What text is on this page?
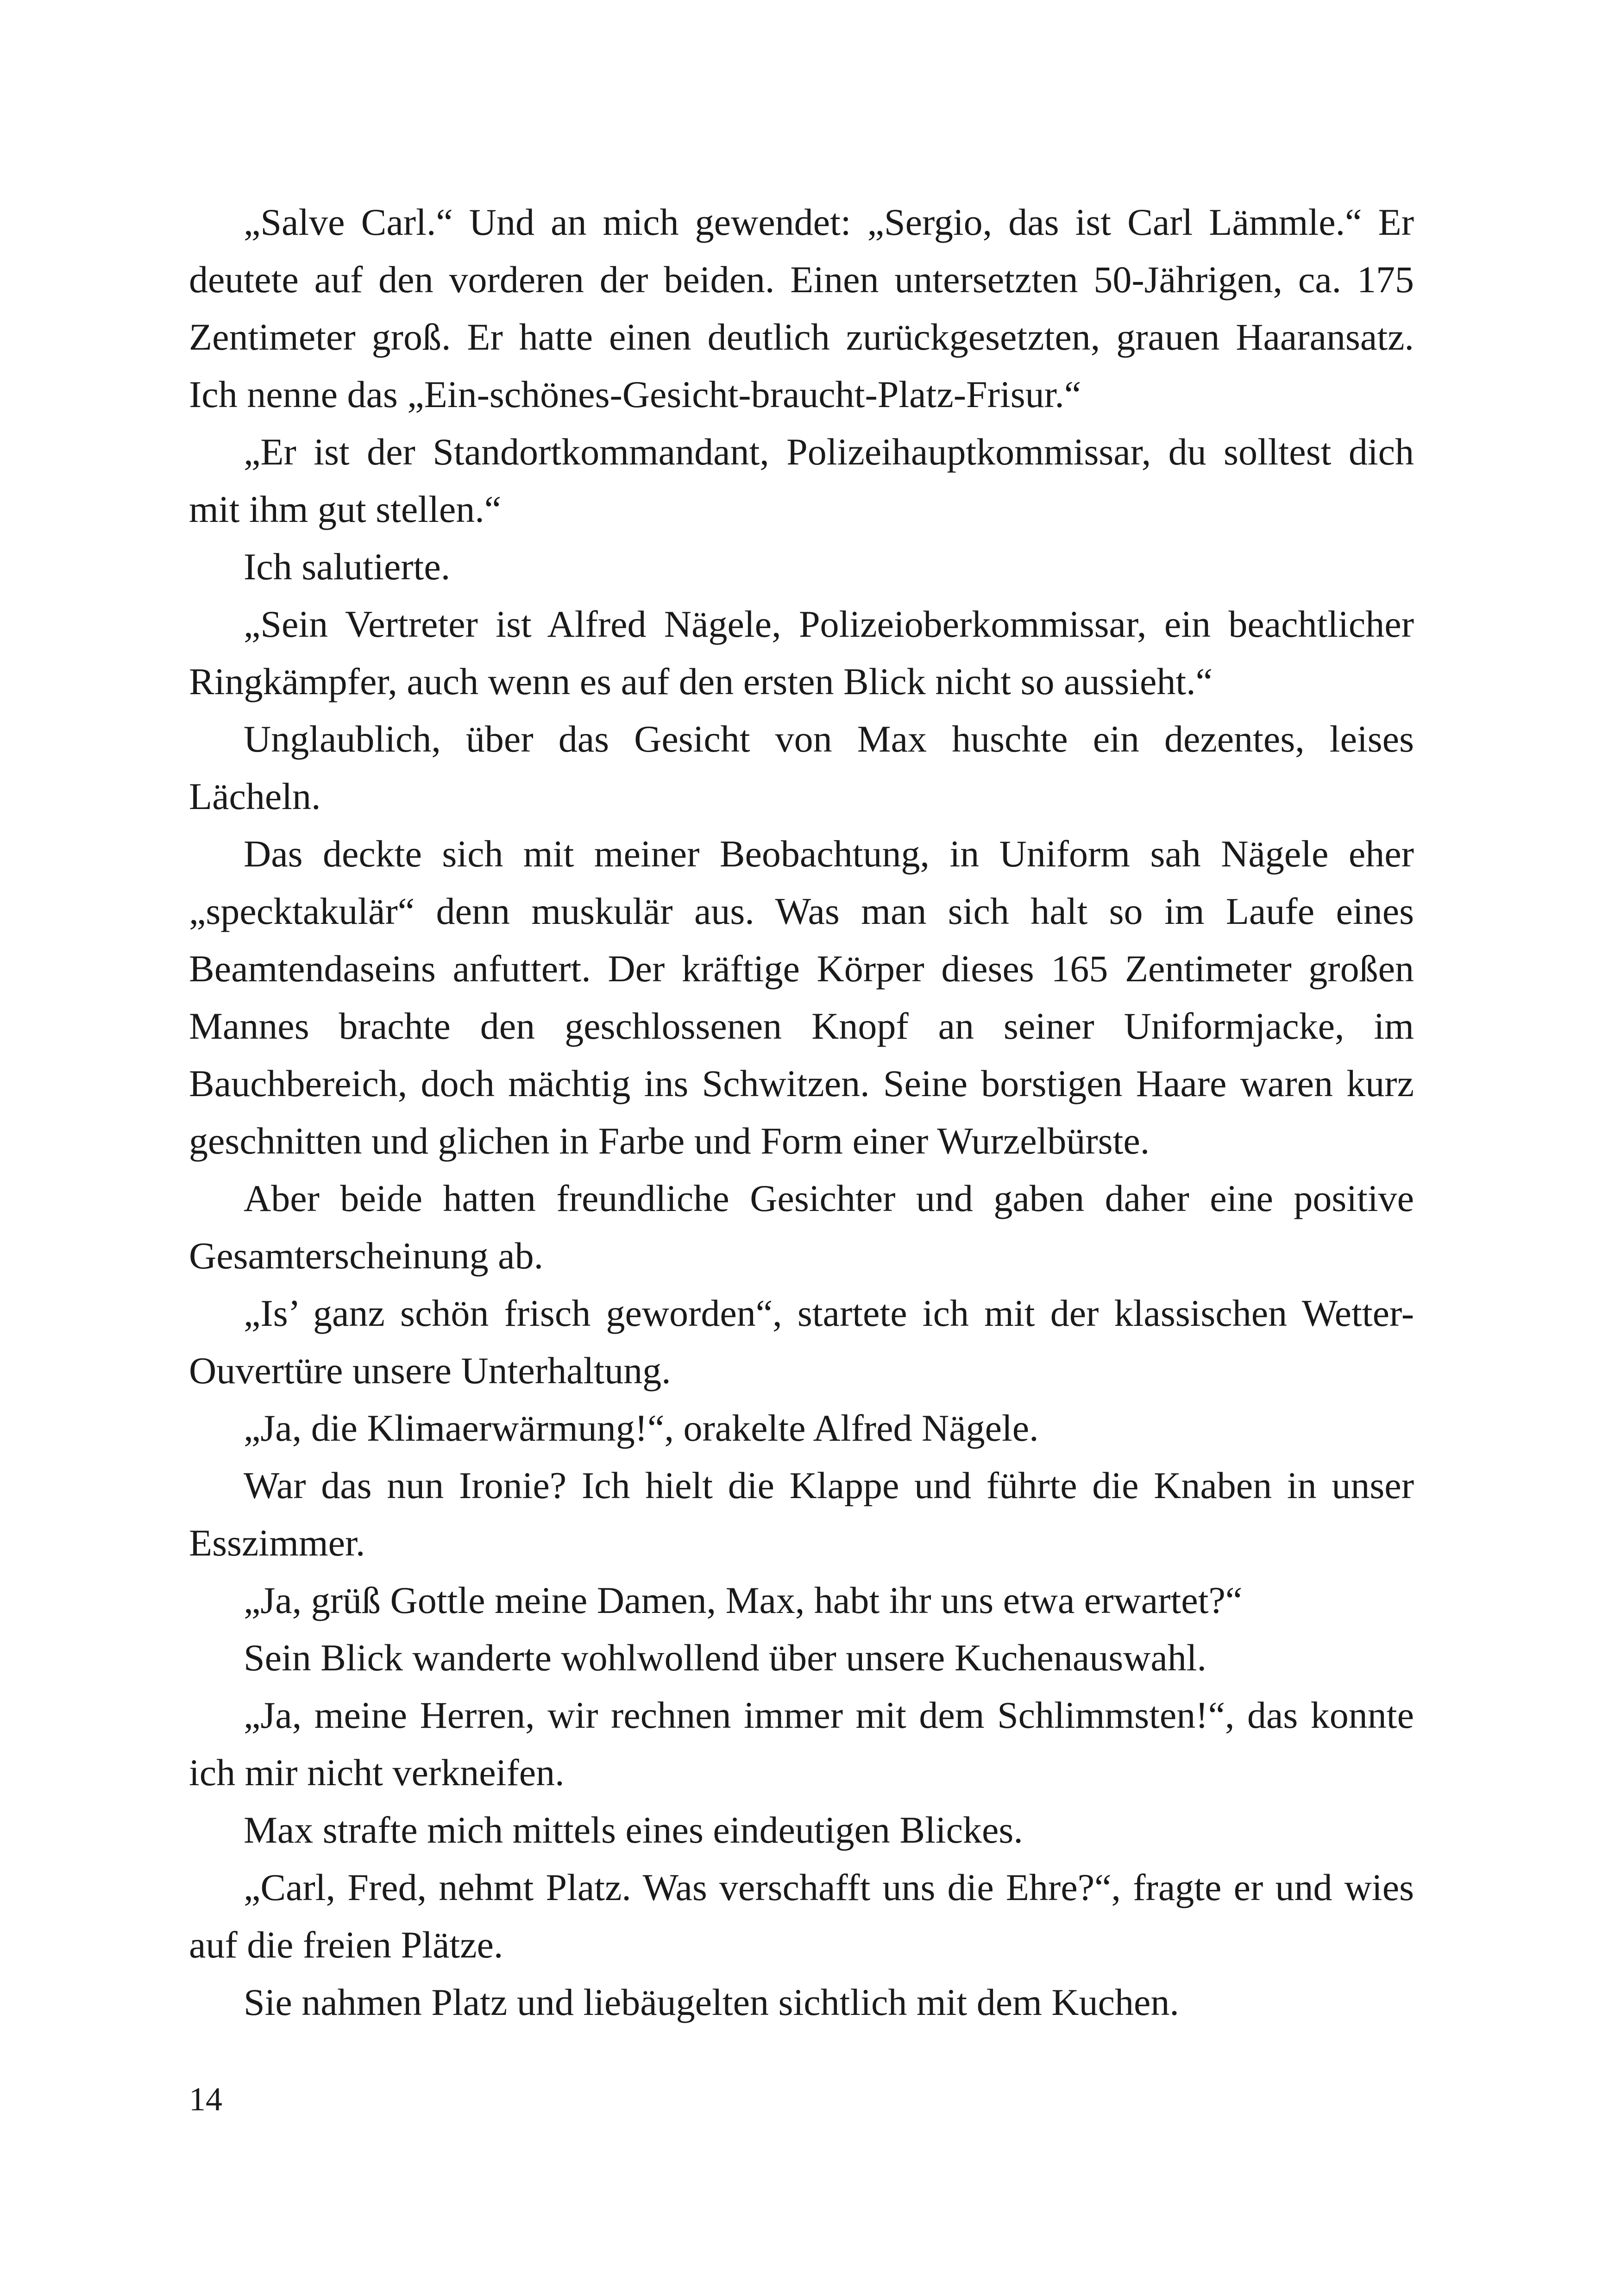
„Salve Carl.“ Und an mich gewendet: „Sergio, das ist Carl Lämmle.“ Er deutete auf den vorderen der beiden. Einen untersetzten 50-Jährigen, ca. 175 Zentimeter groß. Er hatte einen deutlich zurückgesetzten, grauen Haaransatz. Ich nenne das „Ein-schönes-Gesicht-braucht-Platz-Frisur.“

„Er ist der Standortkommandant, Polizeihauptkommissar, du solltest dich mit ihm gut stellen.“

Ich salutierte.

„Sein Vertreter ist Alfred Nägele, Polizeioberkommissar, ein beachtlicher Ringkämpfer, auch wenn es auf den ersten Blick nicht so aussieht.“

Unglaublich, über das Gesicht von Max huschte ein dezentes, leises Lächeln.

Das deckte sich mit meiner Beobachtung, in Uniform sah Nägele eher „specktakulär“ denn muskulär aus. Was man sich halt so im Laufe eines Beamtendaseins anfuttert. Der kräftige Körper dieses 165 Zentimeter großen Mannes brachte den geschlossenen Knopf an seiner Uniformjacke, im Bauchbereich, doch mächtig ins Schwitzen. Seine borstigen Haare waren kurz geschnitten und glichen in Farbe und Form einer Wurzelbürste.

Aber beide hatten freundliche Gesichter und gaben daher eine positive Gesamterscheinung ab.

„Is’ ganz schön frisch geworden“, startete ich mit der klassischen Wetter-Ouvertüre unsere Unterhaltung.

„Ja, die Klimaerwärmung!“, orakelte Alfred Nägele.

War das nun Ironie? Ich hielt die Klappe und führte die Knaben in unser Esszimmer.

„Ja, grüß Gottle meine Damen, Max, habt ihr uns etwa erwartet?“

Sein Blick wanderte wohlwollend über unsere Kuchenauswahl.

„Ja, meine Herren, wir rechnen immer mit dem Schlimmsten!“, das konnte ich mir nicht verkneifen.

Max strafte mich mittels eines eindeutigen Blickes.

„Carl, Fred, nehmt Platz. Was verschafft uns die Ehre?“, fragte er und wies auf die freien Plätze.

Sie nahmen Platz und liebäugelten sichtlich mit dem Kuchen.

14
